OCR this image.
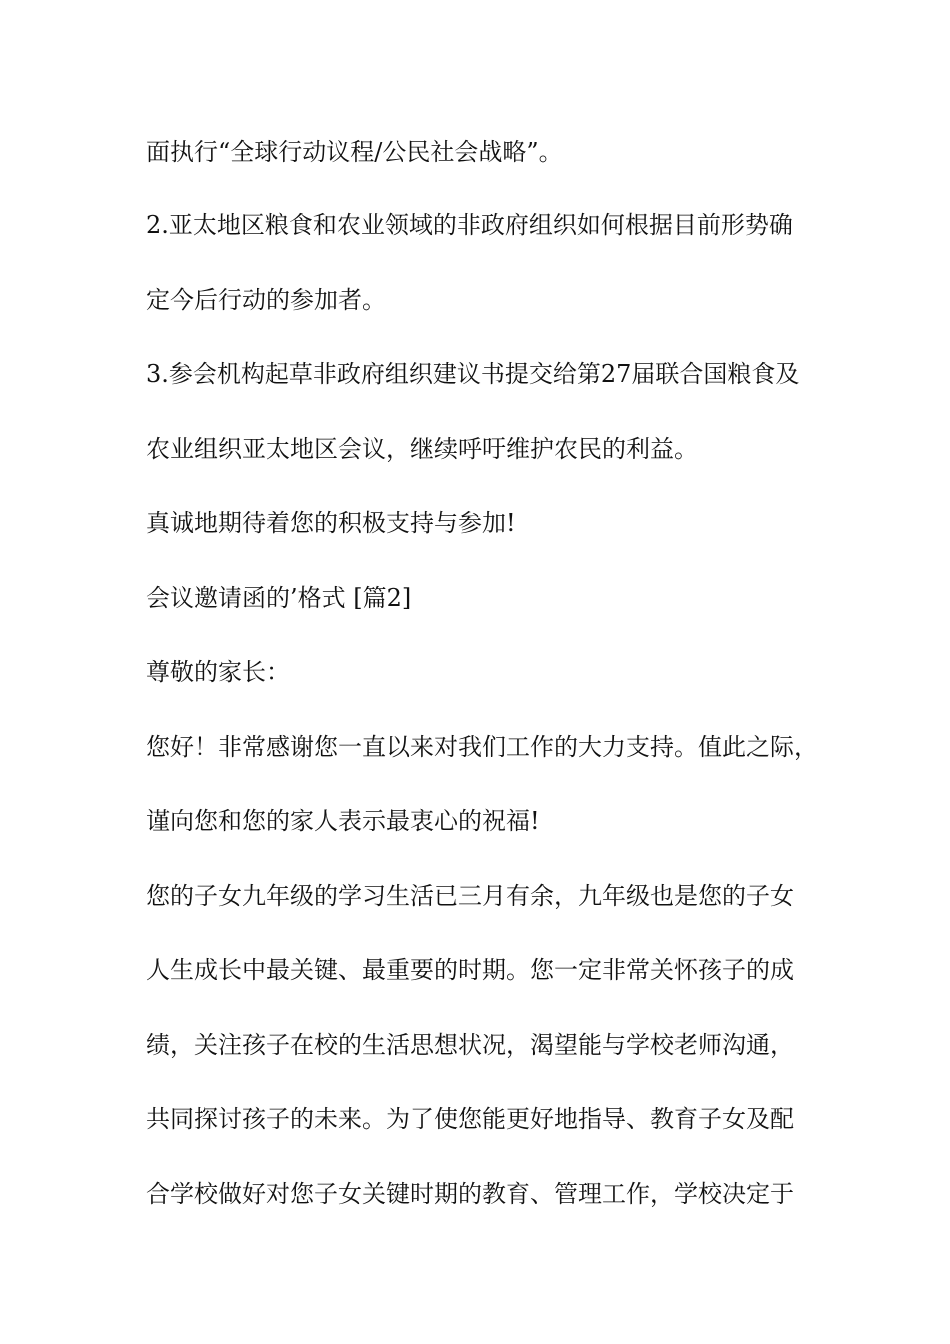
面执行“全球行动议程/公民社会战略”。

2.亚太地区粮食和农业领域的非政府组织如何根据目前形势确

定今后行动的参加者。

3.参会机构起草非政府组织建议书提交给第27届联合国粮食及

农业组织亚太地区会议，继续呼吁维护农民的利益。

真诚地期待着您的积极支持与参加!

会议邀请函的’格式 [篇2]

尊敬的家长：

您好！非常感谢您一直以来对我们工作的大力支持。值此之际，

谨向您和您的家人表示最衷心的祝福!

您的子女九年级的学习生活已三月有余，九年级也是您的子女

人生成长中最关键、最重要的时期。您一定非常关怀孩子的成

绩，关注孩子在校的生活思想状况，渴望能与学校老师沟通，

共同探讨孩子的未来。为了使您能更好地指导、教育子女及配

合学校做好对您子女关键时期的教育、管理工作，学校决定于
